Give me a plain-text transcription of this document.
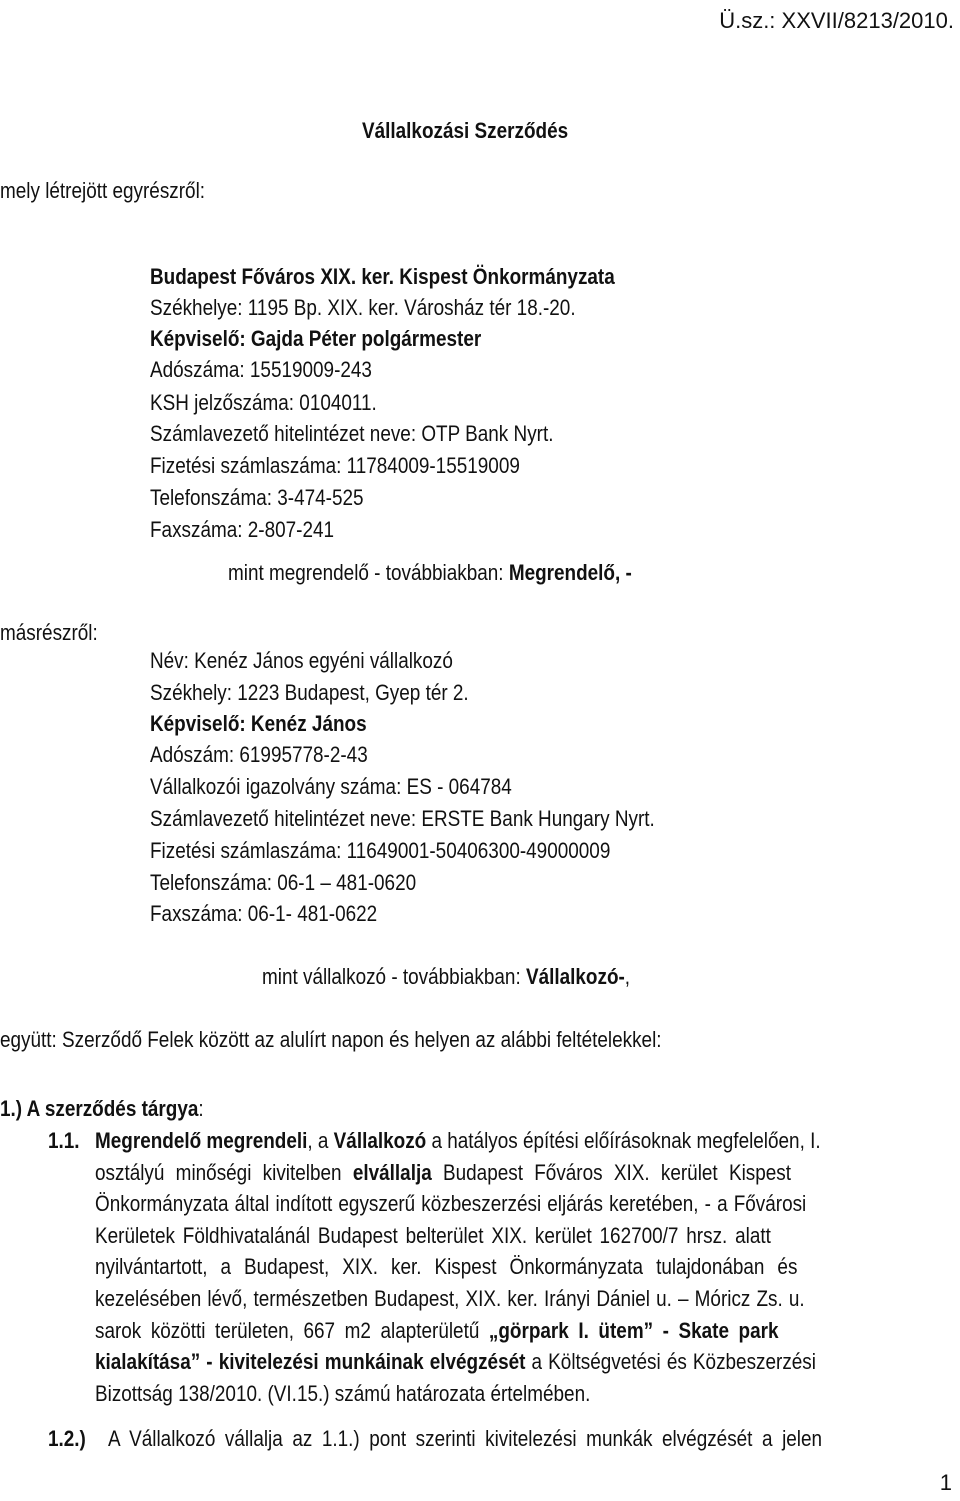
Ü.sz.: XXVII/8213/2010.
Vállalkozási Szerződés
mely létrejött egyrészről:
Budapest Főváros XIX. ker. Kispest Önkormányzata
Székhelye: 1195 Bp. XIX. ker. Városház tér 18.-20.
Képviselő: Gajda Péter polgármester
Adószáma: 15519009-243
KSH jelzőszáma: 0104011.
Számlavezető hitelintézet neve: OTP Bank Nyrt.
Fizetési számlaszáma: 11784009-15519009
Telefonszáma: 3-474-525
Faxszáma: 2-807-241
mint megrendelő - továbbiakban: Megrendelő, -
másrészről:
Név: Kenéz János egyéni vállalkozó
Székhely: 1223 Budapest, Gyep tér 2.
Képviselő: Kenéz János
Adószám: 61995778-2-43
Vállalkozói igazolvány száma: ES - 064784
Számlavezető hitelintézet neve: ERSTE Bank Hungary Nyrt.
Fizetési számlaszáma: 11649001-50406300-49000009
Telefonszáma: 06-1 – 481-0620
Faxszáma: 06-1- 481-0622
mint vállalkozó - továbbiakban: Vállalkozó-,
együtt: Szerződő Felek között az alulírt napon és helyen az alábbi feltételekkel:
1.) A szerződés tárgya:
1.1. Megrendelő megrendeli, a Vállalkozó a hatályos építési előírásoknak megfelelően, I.
osztályú minőségi kivitelben elvállalja Budapest Főváros XIX. kerület Kispest
Önkormányzata által indított egyszerű közbeszerzési eljárás keretében, - a Fővárosi
Kerületek Földhivatalánál Budapest belterület XIX. kerület 162700/7 hrsz. alatt
nyilvántartott, a Budapest, XIX. ker. Kispest Önkormányzata tulajdonában és
kezelésében lévő, természetben Budapest, XIX. ker. Irányi Dániel u. – Móricz Zs. u.
sarok közötti területen, 667 m2 alapterületű „görpark I. ütem” - Skate park
kialakítása” - kivitelezési munkáinak elvégzését a Költségvetési és Közbeszerzési
Bizottság 138/2010. (VI.15.) számú határozata értelmében.
1.2.) A Vállalkozó vállalja az 1.1.) pont szerinti kivitelezési munkák elvégzését a jelen
1
